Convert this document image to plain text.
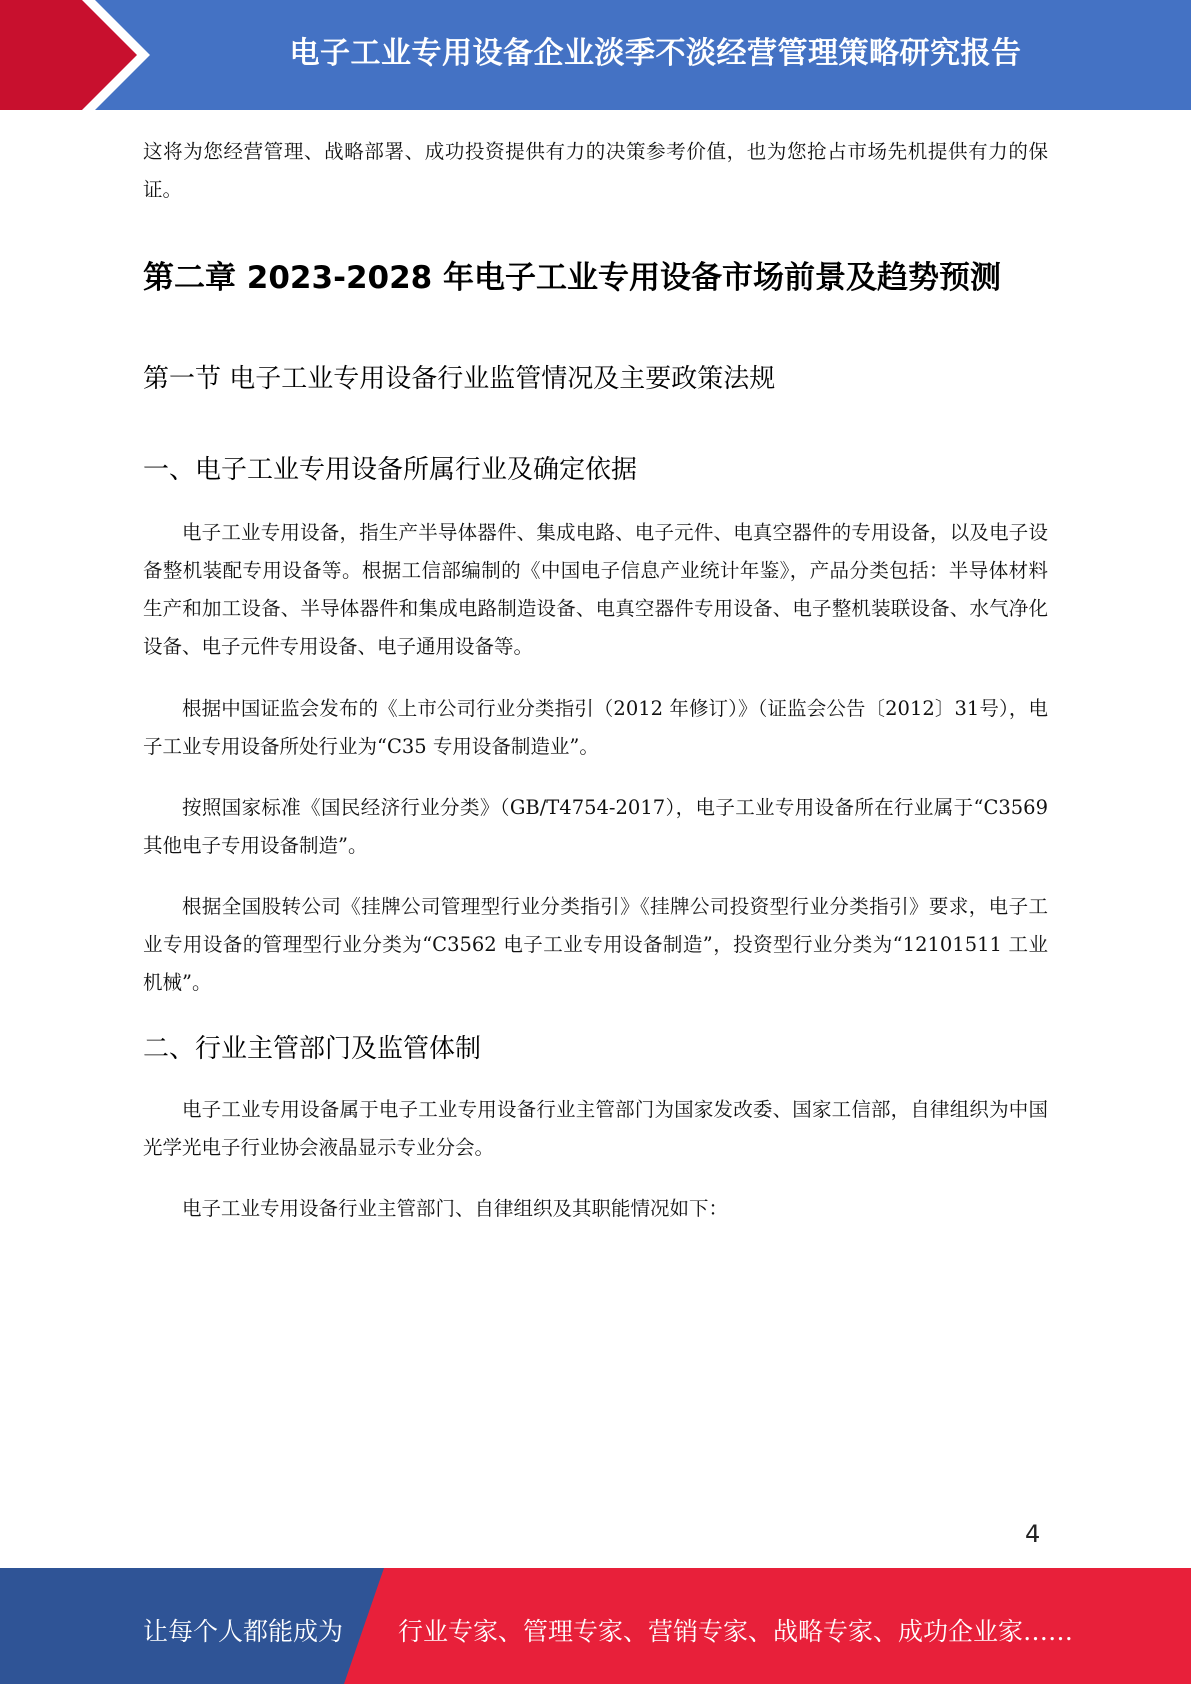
电子工业专用设备企业淡季不淡经营管理策略研究报告

这将为您经营管理、战略部署、成功投资提供有力的决策参考价值，也为您抢占市场先机提供有力的保证。

第二章 2023-2028 年电子工业专用设备市场前景及趋势预测
第一节 电子工业专用设备行业监管情况及主要政策法规
一、电子工业专用设备所属行业及确定依据

电子工业专用设备，指生产半导体器件、集成电路、电子元件、电真空器件的专用设备，以及电子设备整机装配专用设备等。根据工信部编制的《中国电子信息产业统计年鉴》，产品分类包括：半导体材料生产和加工设备、半导体器件和集成电路制造设备、电真空器件专用设备、电子整机装联设备、水气净化设备、电子元件专用设备、电子通用设备等。

根据中国证监会发布的《上市公司行业分类指引（2012 年修订）》（证监会公告〔2012〕31号），电子工业专用设备所处行业为“C35 专用设备制造业”。

按照国家标准《国民经济行业分类》（GB/T4754-2017），电子工业专用设备所在行业属于“C3569 其他电子专用设备制造”。

根据全国股转公司《挂牌公司管理型行业分类指引》《挂牌公司投资型行业分类指引》要求，电子工业专用设备的管理型行业分类为“C3562 电子工业专用设备制造”，投资型行业分类为“12101511 工业机械”。

二、行业主管部门及监管体制

电子工业专用设备属于电子工业专用设备行业主管部门为国家发改委、国家工信部，自律组织为中国光学光电子行业协会液晶显示专业分会。

电子工业专用设备行业主管部门、自律组织及其职能情况如下：

4
让每个人都能成为 行业专家、管理专家、营销专家、战略专家、成功企业家……
